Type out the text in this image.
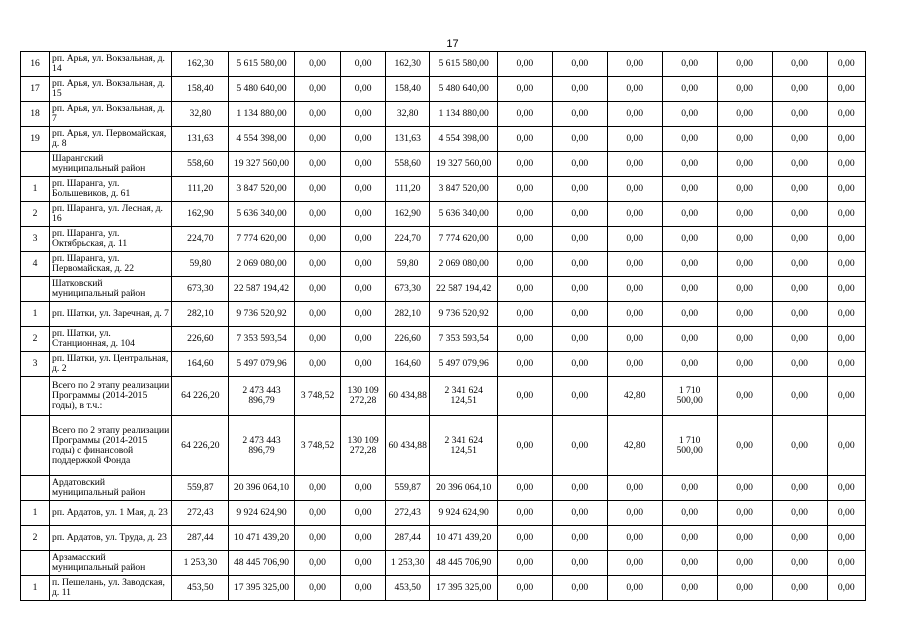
17
16	рп. Арья, ул. Вокзальная, д. 14	162,30	5 615 580,00	0,00	0,00	162,30	5 615 580,00	0,00	0,00	0,00	0,00	0,00	0,00	0,00
17	рп. Арья, ул. Вокзальная, д. 15	158,40	5 480 640,00	0,00	0,00	158,40	5 480 640,00	0,00	0,00	0,00	0,00	0,00	0,00	0,00
18	рп. Арья, ул. Вокзальная, д. 7	32,80	1 134 880,00	0,00	0,00	32,80	1 134 880,00	0,00	0,00	0,00	0,00	0,00	0,00	0,00
19	рп. Арья, ул. Первомайская, д. 8	131,63	4 554 398,00	0,00	0,00	131,63	4 554 398,00	0,00	0,00	0,00	0,00	0,00	0,00	0,00
	Шарангский муниципальный район	558,60	19 327 560,00	0,00	0,00	558,60	19 327 560,00	0,00	0,00	0,00	0,00	0,00	0,00	0,00
1	рп. Шаранга, ул. Большевиков, д. 61	111,20	3 847 520,00	0,00	0,00	111,20	3 847 520,00	0,00	0,00	0,00	0,00	0,00	0,00	0,00
2	рп. Шаранга, ул. Лесная, д. 16	162,90	5 636 340,00	0,00	0,00	162,90	5 636 340,00	0,00	0,00	0,00	0,00	0,00	0,00	0,00
3	рп. Шаранга, ул. Октябрьская, д. 11	224,70	7 774 620,00	0,00	0,00	224,70	7 774 620,00	0,00	0,00	0,00	0,00	0,00	0,00	0,00
4	рп. Шаранга, ул. Первомайская, д. 22	59,80	2 069 080,00	0,00	0,00	59,80	2 069 080,00	0,00	0,00	0,00	0,00	0,00	0,00	0,00
	Шатковский муниципальный район	673,30	22 587 194,42	0,00	0,00	673,30	22 587 194,42	0,00	0,00	0,00	0,00	0,00	0,00	0,00
1	рп. Шатки, ул. Заречная, д. 7	282,10	9 736 520,92	0,00	0,00	282,10	9 736 520,92	0,00	0,00	0,00	0,00	0,00	0,00	0,00
2	рп. Шатки, ул. Станционная, д. 104	226,60	7 353 593,54	0,00	0,00	226,60	7 353 593,54	0,00	0,00	0,00	0,00	0,00	0,00	0,00
3	рп. Шатки, ул. Центральная, д. 2	164,60	5 497 079,96	0,00	0,00	164,60	5 497 079,96	0,00	0,00	0,00	0,00	0,00	0,00	0,00
	Всего по 2 этапу реализации Программы (2014-2015 годы), в т.ч.:	64 226,20	2 473 443 896,79	3 748,52	130 109 272,28	60 434,88	2 341 624 124,51	0,00	0,00	42,80	1 710 500,00	0,00	0,00	0,00
	Всего по 2 этапу реализации Программы (2014-2015 годы) с финансовой поддержкой Фонда	64 226,20	2 473 443 896,79	3 748,52	130 109 272,28	60 434,88	2 341 624 124,51	0,00	0,00	42,80	1 710 500,00	0,00	0,00	0,00
	Ардатовский муниципальный район	559,87	20 396 064,10	0,00	0,00	559,87	20 396 064,10	0,00	0,00	0,00	0,00	0,00	0,00	0,00
1	рп. Ардатов, ул. 1 Мая, д. 23	272,43	9 924 624,90	0,00	0,00	272,43	9 924 624,90	0,00	0,00	0,00	0,00	0,00	0,00	0,00
2	рп. Ардатов, ул. Труда, д. 23	287,44	10 471 439,20	0,00	0,00	287,44	10 471 439,20	0,00	0,00	0,00	0,00	0,00	0,00	0,00
	Арзамасский муниципальный район	1 253,30	48 445 706,90	0,00	0,00	1 253,30	48 445 706,90	0,00	0,00	0,00	0,00	0,00	0,00	0,00
1	п. Пешелань, ул. Заводская, д. 11	453,50	17 395 325,00	0,00	0,00	453,50	17 395 325,00	0,00	0,00	0,00	0,00	0,00	0,00	0,00
